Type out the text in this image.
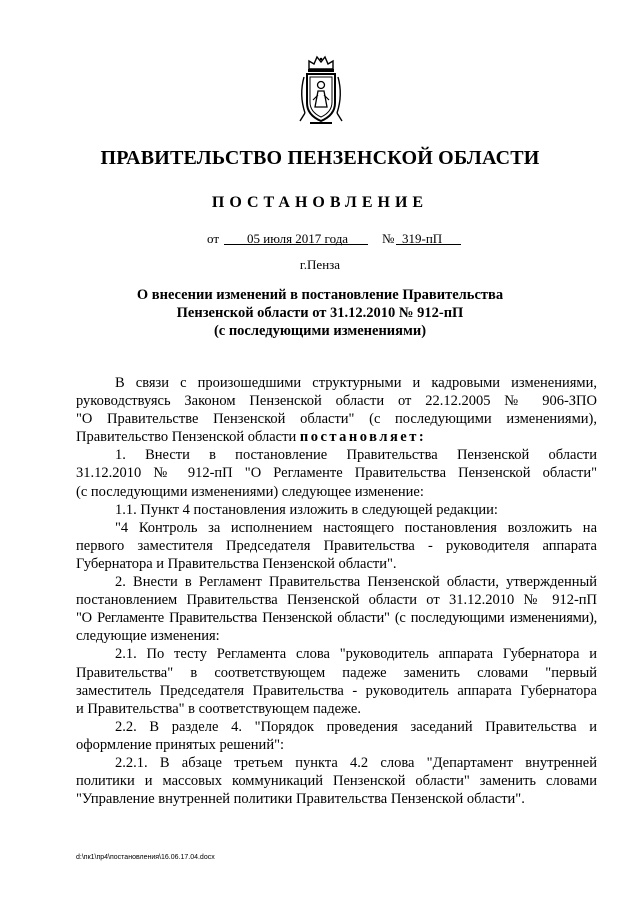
ПРАВИТЕЛЬСТВО ПЕНЗЕНСКОЙ ОБЛАСТИ
ПОСТАНОВЛЕНИЕ
от 05 июля 2017 года	№ 319-пП
г.Пенза
О внесении изменений в постановление Правительства
Пензенской области от 31.12.2010 № 912-пП
(с последующими изменениями)
В связи с произошедшими структурными и кадровыми изменениями,
руководствуясь Законом Пензенской области от 22.12.2005 № 906-ЗПО
"О Правительстве Пензенской области" (с последующими изменениями),
Правительство Пензенской области постановляет:
1. Внести в постановление Правительства Пензенской области
31.12.2010 № 912-пП "О Регламенте Правительства Пензенской области"
(с последующими изменениями) следующее изменение:
1.1. Пункт 4 постановления изложить в следующей редакции:
"4 Контроль за исполнением настоящего постановления возложить на
первого заместителя Председателя Правительства - руководителя аппарата
Губернатора и Правительства Пензенской области".
2. Внести в Регламент Правительства Пензенской области, утвержденный
постановлением Правительства Пензенской области от 31.12.2010 № 912-пП
"О Регламенте Правительства Пензенской области" (с последующими изменениями),
следующие изменения:
2.1. По тесту Регламента слова "руководитель аппарата Губернатора и
Правительства" в соответствующем падеже заменить словами "первый
заместитель Председателя Правительства - руководитель аппарата Губернатора
и Правительства" в соответствующем падеже.
2.2. В разделе 4. "Порядок проведения заседаний Правительства и
оформление принятых решений":
2.2.1. В абзаце третьем пункта 4.2 слова "Департамент внутренней
политики и массовых коммуникаций Пензенской области" заменить словами
"Управление внутренней политики Правительства Пензенской области".
d:\пк1\пр4\постановления\16.06.17.04.docx
